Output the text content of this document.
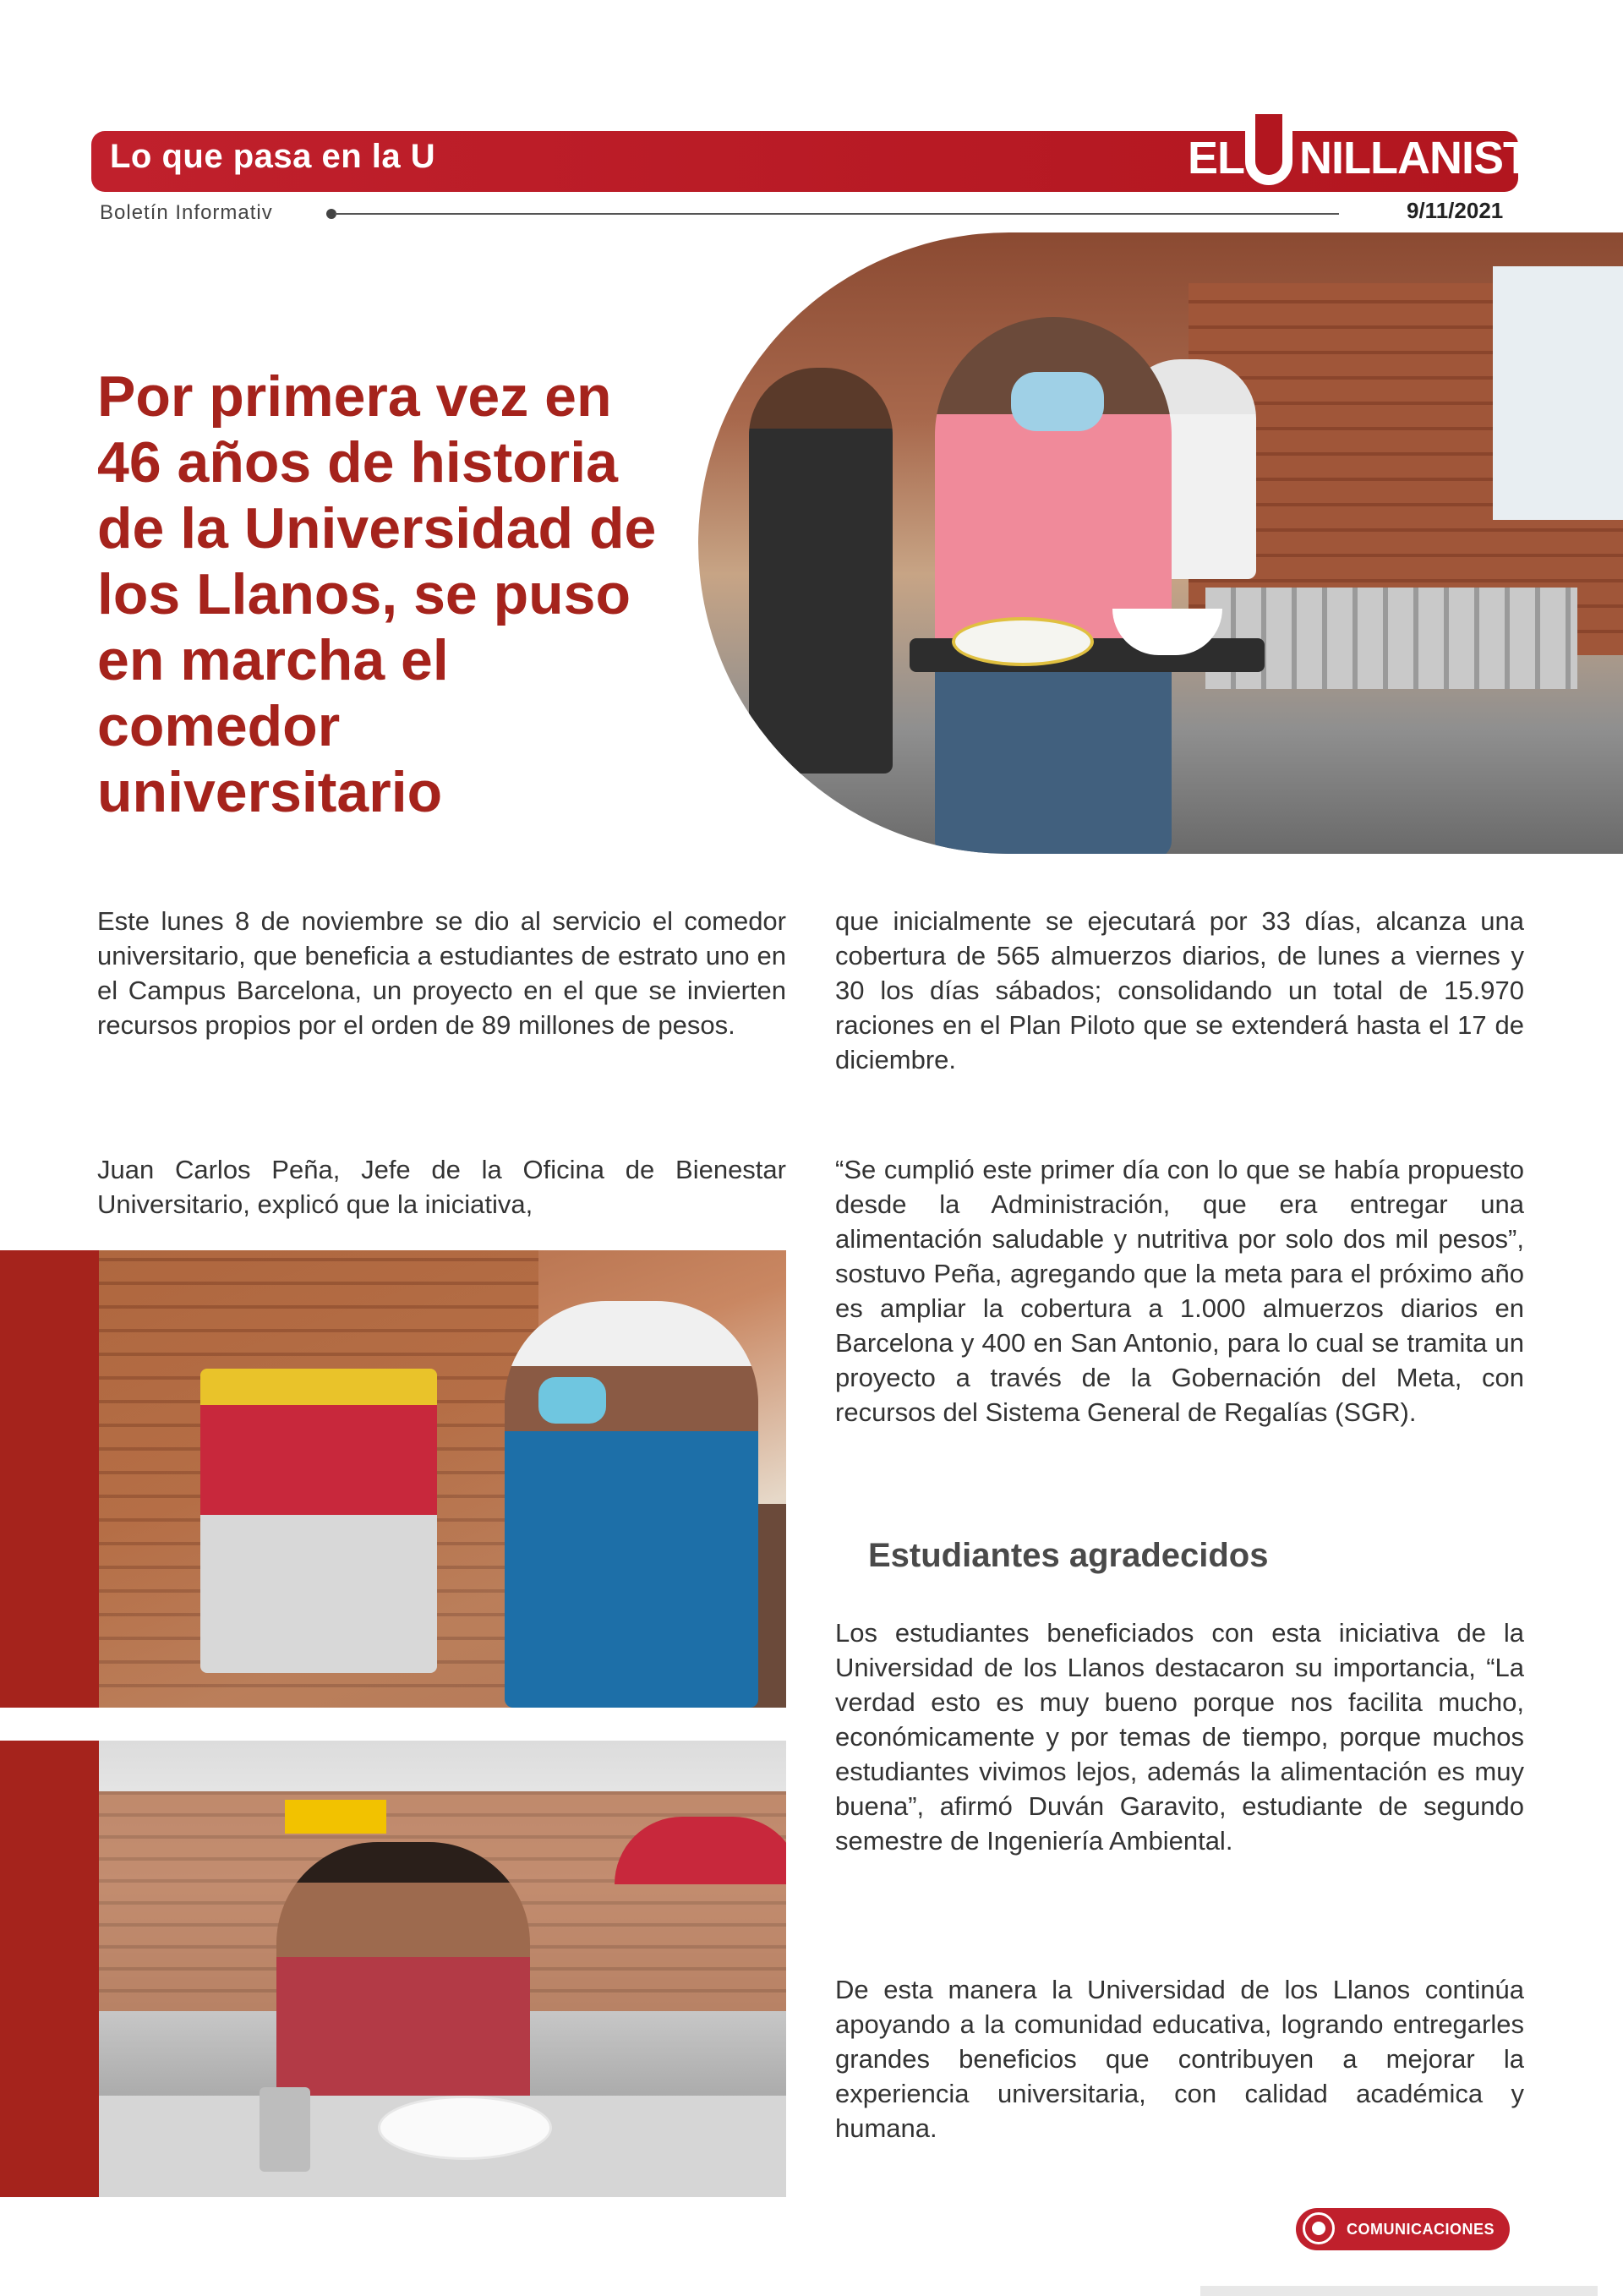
Lo que pasa en la U	EL NILLANISTA
Boletín Informativ	9/11/2021
Por primera vez en 46 años de historia de la Universidad de los Llanos, se puso en marcha el comedor universitario

Este lunes 8 de noviembre se dio al servicio el comedor universitario, que beneficia a estudiantes de estrato uno en el Campus Barcelona, un proyecto en el que se invierten recursos propios por el orden de 89 millones de pesos.

Juan Carlos Peña, Jefe de la Oficina de Bienestar Universitario, explicó que la iniciativa,

que inicialmente se ejecutará por 33 días, alcanza una cobertura de 565 almuerzos diarios, de lunes a viernes y 30 los días sábados; consolidando un total de 15.970 raciones en el Plan Piloto que se extenderá hasta el 17 de diciembre.

“Se cumplió este primer día con lo que se había propuesto desde la Administración, que era entregar una alimentación saludable y nutritiva por solo dos mil pesos”, sostuvo Peña, agregando que la meta para el próximo año es ampliar la cobertura a 1.000 almuerzos diarios en Barcelona y 400 en San Antonio, para lo cual se tramita un proyecto a través de la Gobernación del Meta, con recursos del Sistema General de Regalías (SGR).

Estudiantes agradecidos

Los estudiantes beneficiados con esta iniciativa de la Universidad de los Llanos destacaron su importancia, “La verdad esto es muy bueno porque nos facilita mucho, económicamente y por temas de tiempo, porque muchos estudiantes vivimos lejos, además la alimentación es muy buena”, afirmó Duván Garavito, estudiante de segundo semestre de Ingeniería Ambiental.

De esta manera la Universidad de los Llanos continúa apoyando a la comunidad educativa, logrando entregarles grandes beneficios que contribuyen a mejorar la experiencia universitaria, con calidad académica y humana.

COMUNICACIONES
